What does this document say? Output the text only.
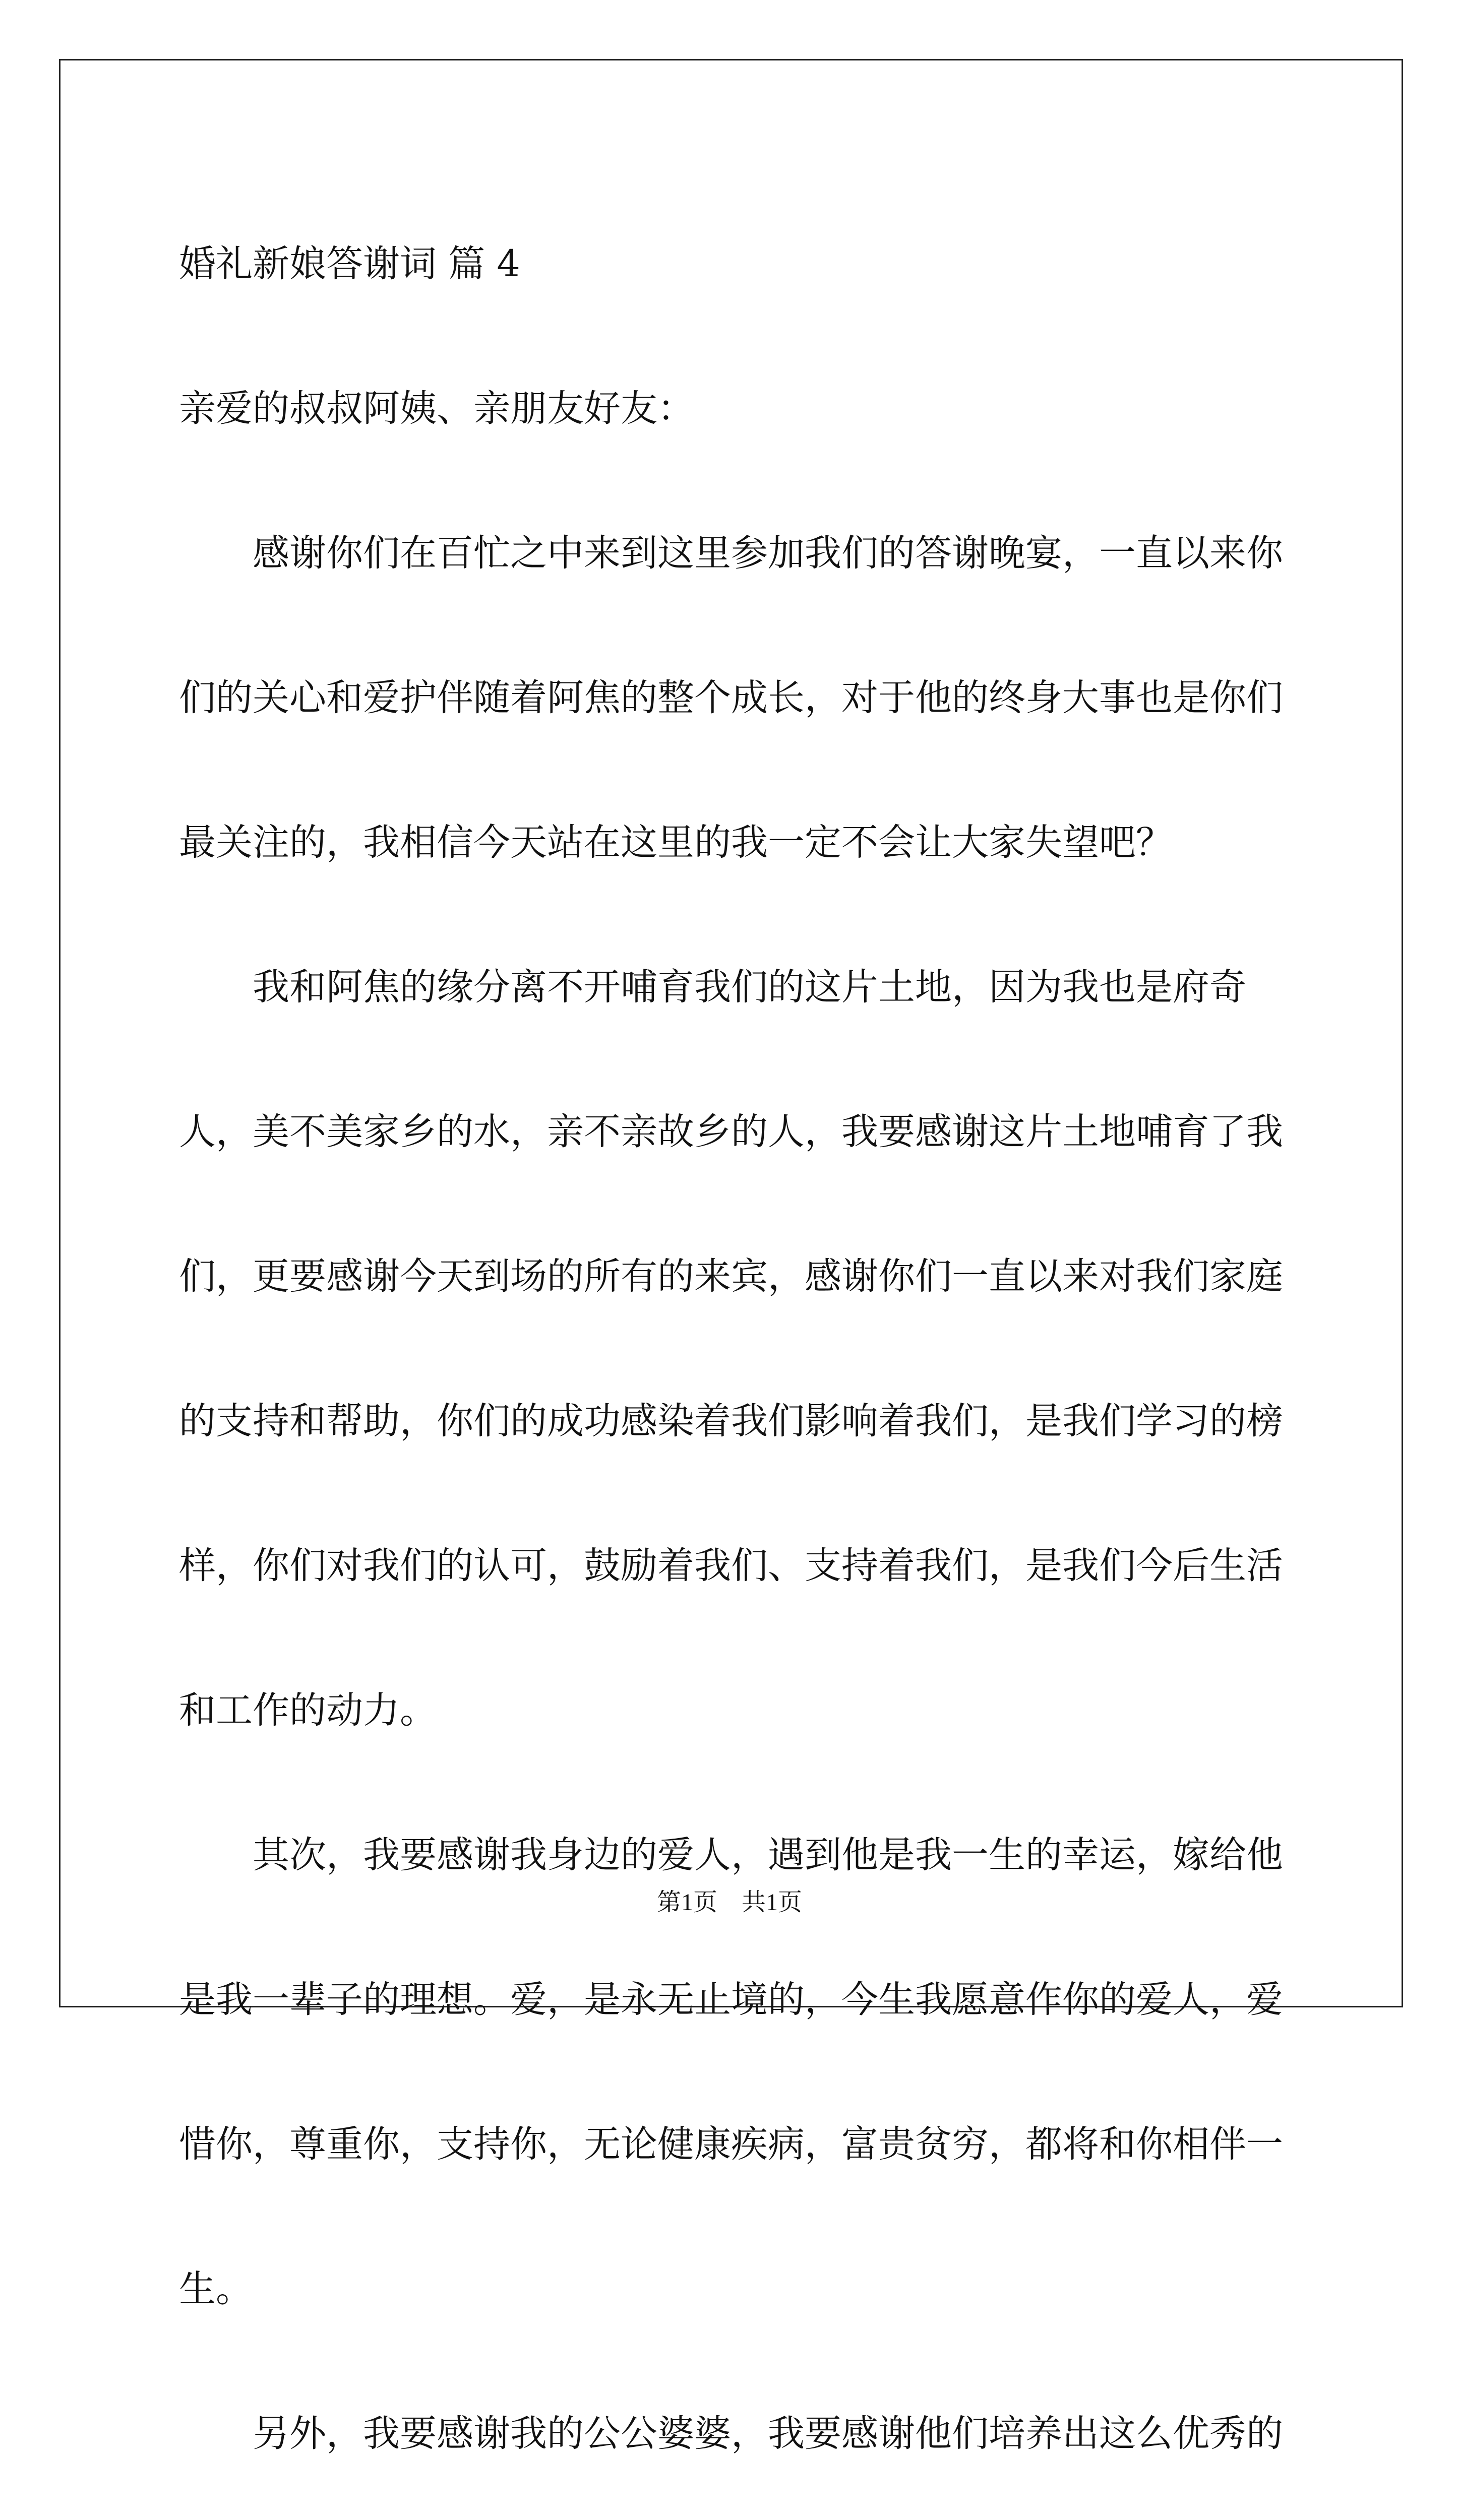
婚礼新娘答谢词 篇 4

亲爱的叔叔阿姨、亲朋友好友：

感谢你们在百忙之中来到这里参加我们的答谢晚宴，一直以来你们的关心和爱护伴随着阿焦的整个成长，对于他的终身大事也是你们最关注的，我相信今天站在这里的我一定不会让大家失望吧？

我和阿焦的缘分离不开哺育我们的这片土地，因为我也是府奇人，美不美家乡的水，亲不亲故乡的人，我要感谢这片土地哺育了我们，更要感谢今天到场的所有的来宾，感谢你们一直以来对我们家庭的支持和帮助，你们的成功感染着我们影响着我们，是我们学习的榜样，你们对我们的认可，鼓励着我们、支持着我们，是我们今后生活和工作的动力。

其次，我要感谢我身边的爱人，遇到他是我一生的幸运，嫁给他是我一辈子的理想。爱，是永无止境的，今生我愿意作你的爱人，爱惜你，尊重你，支持你，无论健康疾病，富贵贫穷，都将和你相伴一生。

另外，我要感谢我的公公婆婆，我要感谢他们培养出这么优秀的

第1页　共1页
